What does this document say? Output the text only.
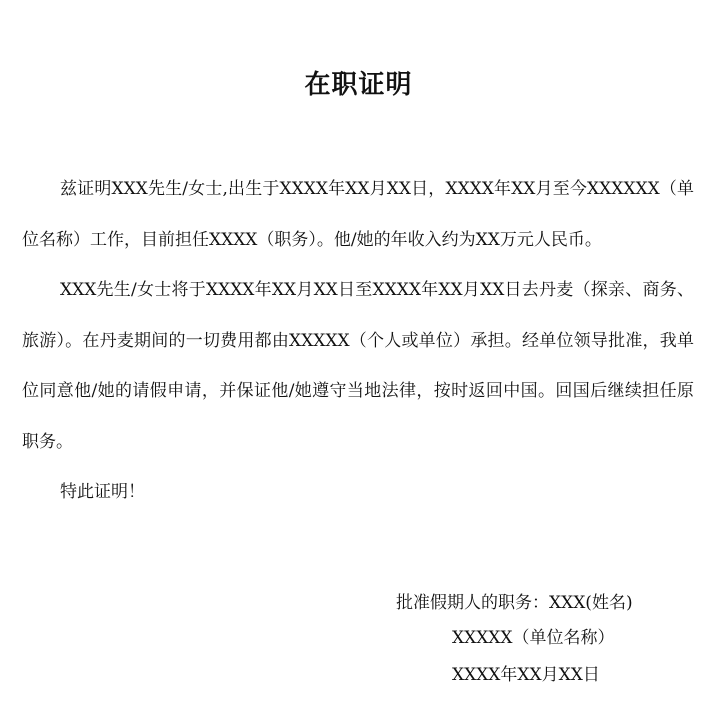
在职证明

兹证明XXX先生/女士,出生于XXXX年XX月XX日，XXXX年XX月至今XXXXXX（单位名称）工作，目前担任XXXX（职务）。他/她的年收入约为XX万元人民币。

XXX先生/女士将于XXXX年XX月XX日至XXXX年XX月XX日去丹麦（探亲、商务、旅游）。在丹麦期间的一切费用都由XXXXX（个人或单位）承担。经单位领导批准，我单位同意他/她的请假申请，并保证他/她遵守当地法律，按时返回中国。回国后继续担任原职务。

特此证明！

批准假期人的职务：XXX(姓名)
XXXXX（单位名称）
XXXX年XX月XX日
